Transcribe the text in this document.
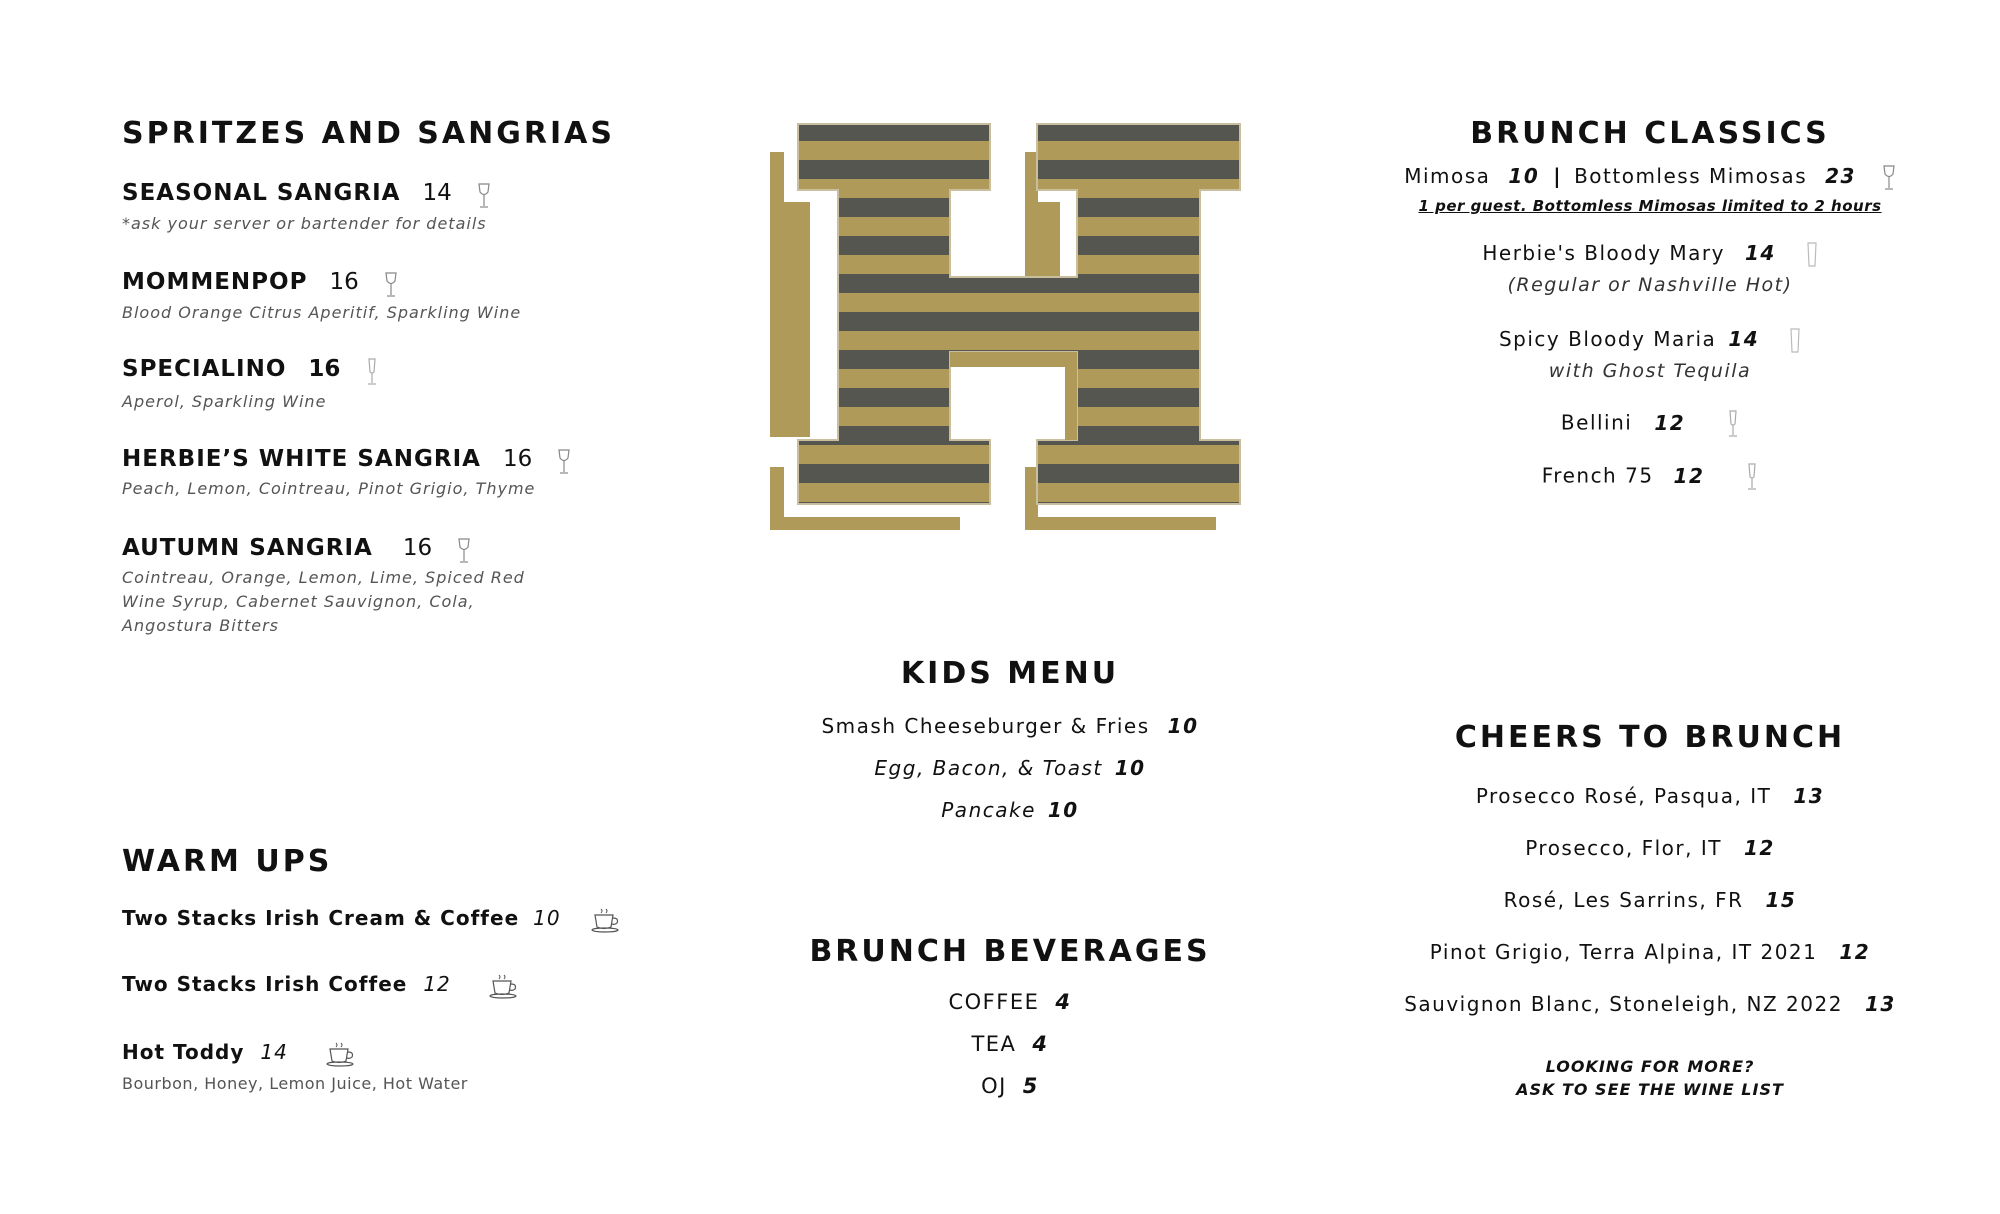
SPRITZES AND SANGRIAS
SEASONAL SANGRIA 14
*ask your server or bartender for details
MOMMENPOP 16
Blood Orange Citrus Aperitif, Sparkling Wine
SPECIALINO 16
Aperol, Sparkling Wine
HERBIE’S WHITE SANGRIA 16
Peach, Lemon, Cointreau, Pinot Grigio, Thyme
AUTUMN SANGRIA 16
Cointreau, Orange, Lemon, Lime, Spiced Red
Wine Syrup, Cabernet Sauvignon, Cola,
Angostura Bitters
WARM UPS
Two Stacks Irish Cream & Coffee 10
Two Stacks Irish Coffee 12
Hot Toddy 14
Bourbon, Honey, Lemon Juice, Hot Water
KIDS MENU
Smash Cheeseburger & Fries 10
Egg, Bacon, & Toast 10
Pancake 10
BRUNCH BEVERAGES
COFFEE 4
TEA 4
OJ 5
BRUNCH CLASSICS
Mimosa 10 | Bottomless Mimosas 23
1 per guest. Bottomless Mimosas limited to 2 hours
Herbie's Bloody Mary 14
(Regular or Nashville Hot)
Spicy Bloody Maria 14
with Ghost Tequila
Bellini 12
French 75 12
CHEERS TO BRUNCH
Prosecco Rosé, Pasqua, IT 13
Prosecco, Flor, IT 12
Rosé, Les Sarrins, FR 15
Pinot Grigio, Terra Alpina, IT 2021 12
Sauvignon Blanc, Stoneleigh, NZ 2022 13
LOOKING FOR MORE?
ASK TO SEE THE WINE LIST
